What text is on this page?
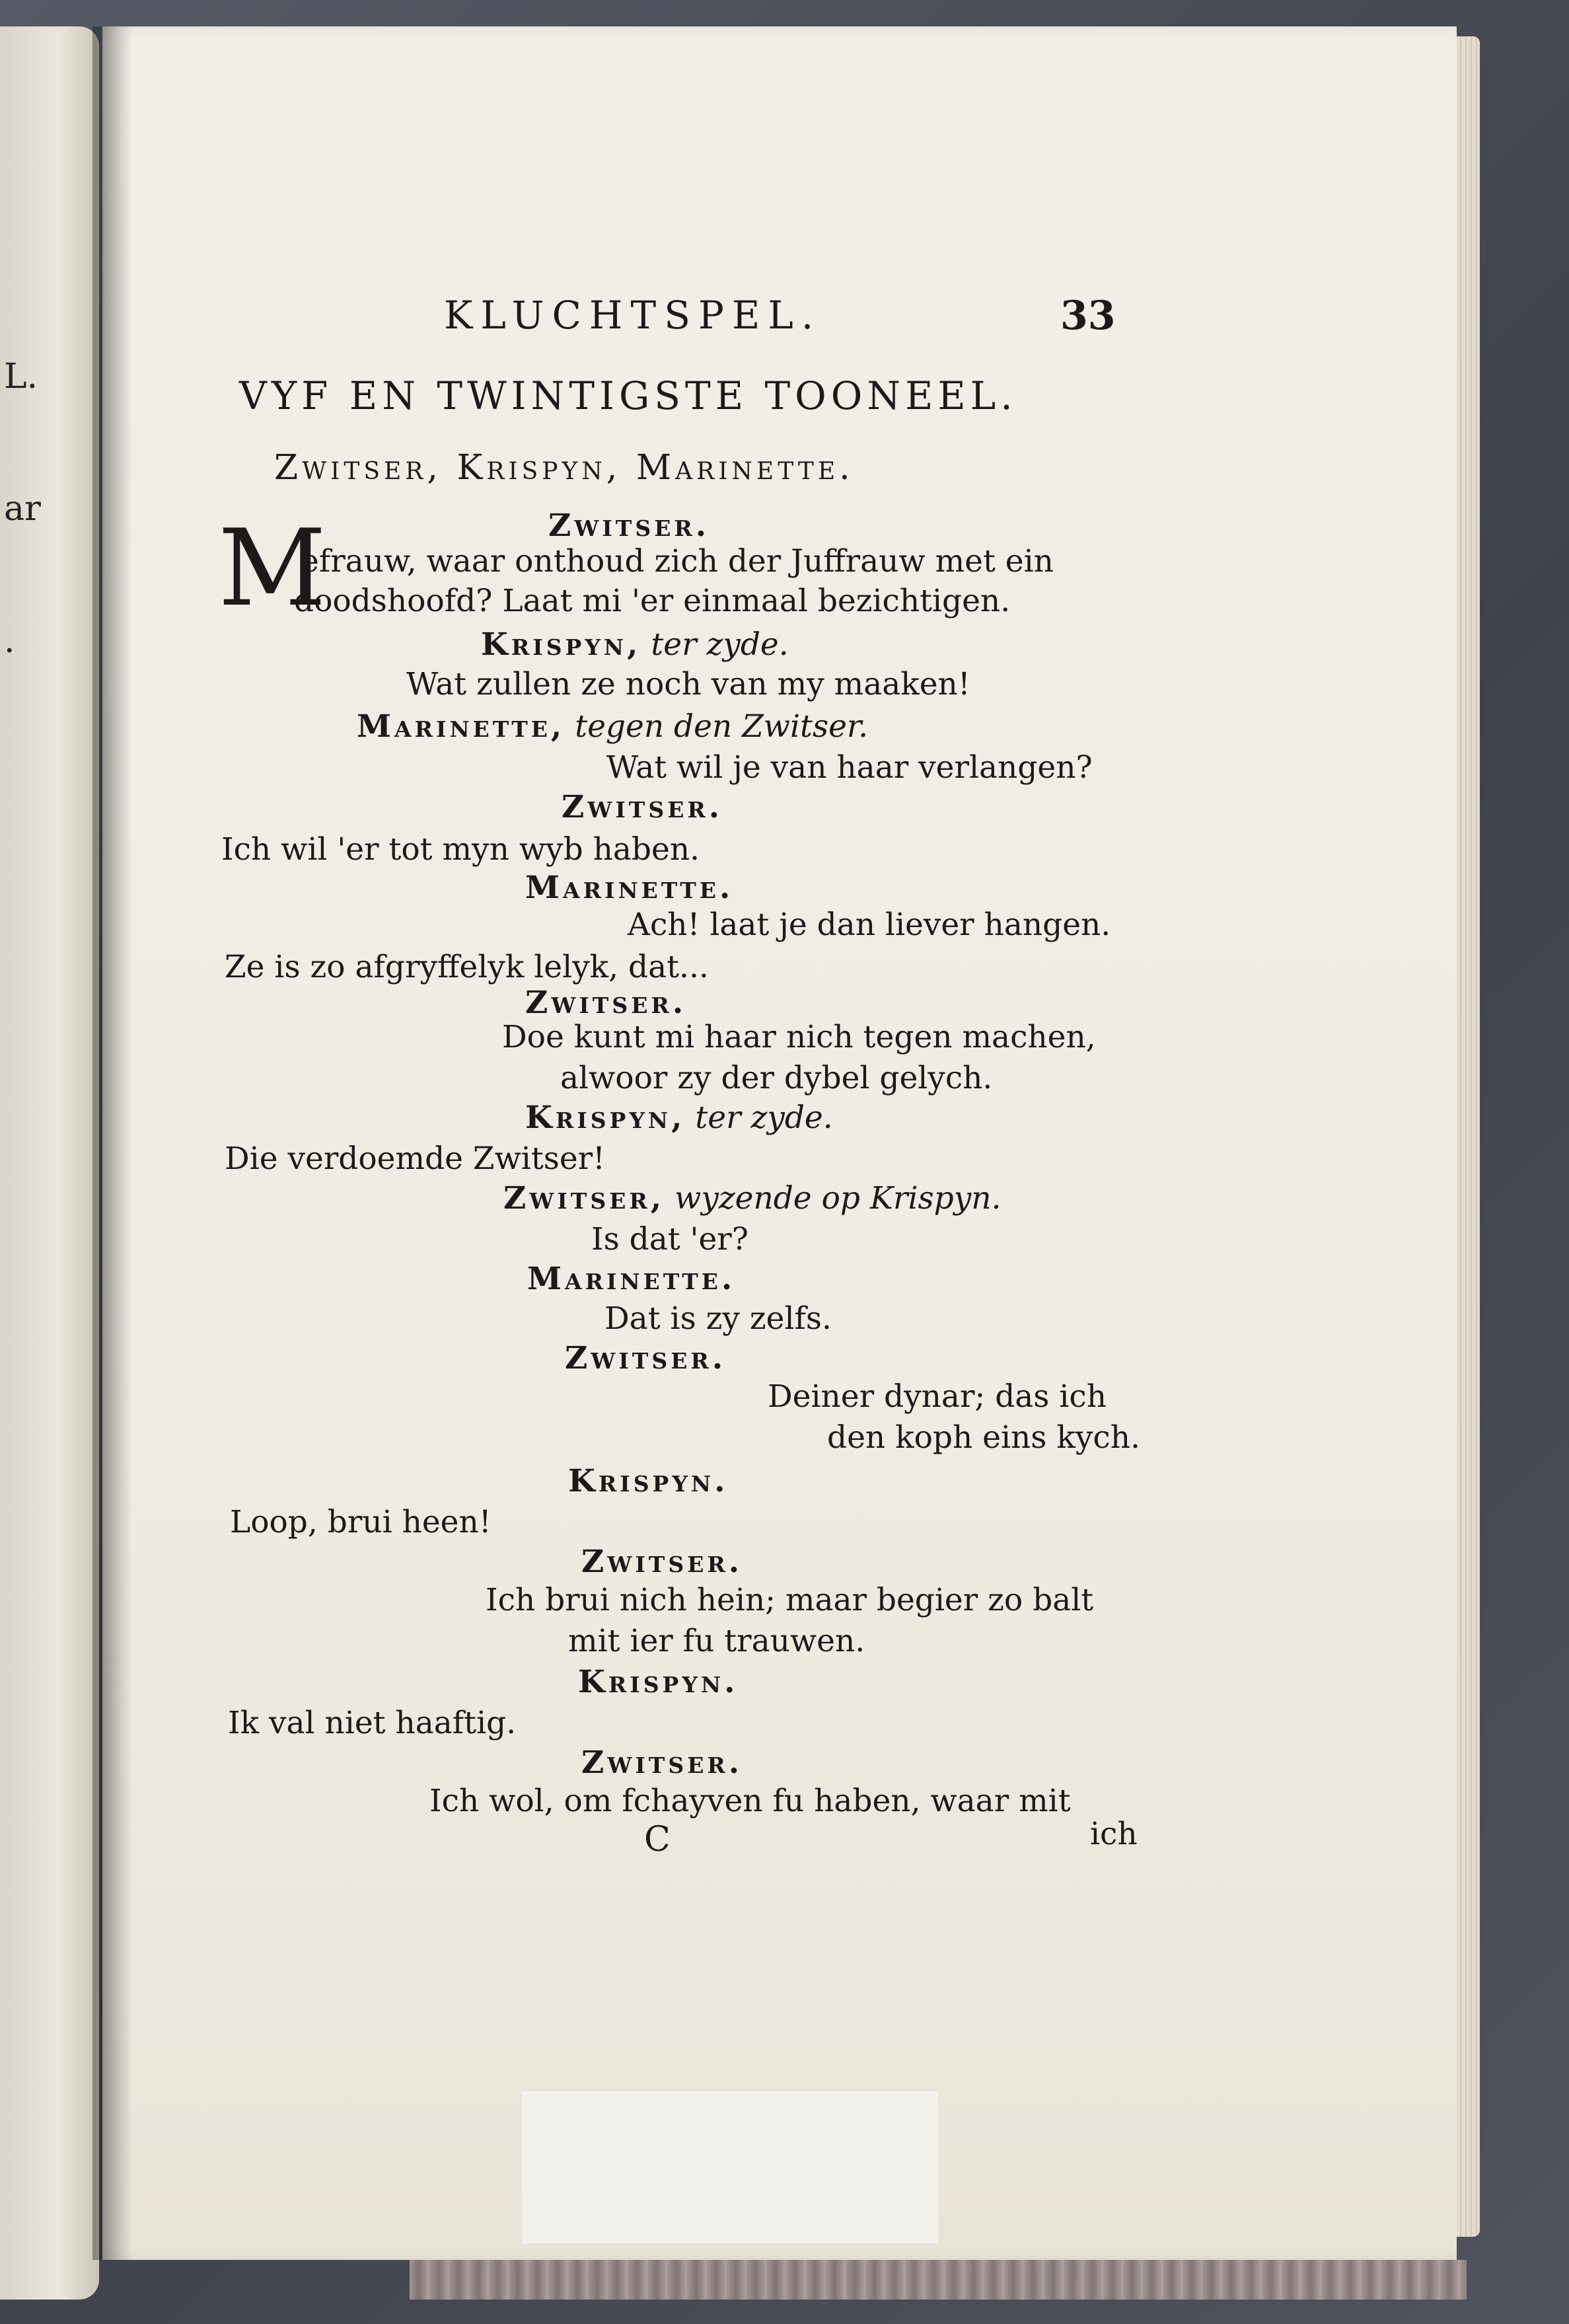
L.
ar
.
KLUCHTSPEL.	33
VYF EN TWINTIGSTE TOONEEL.
Zwitser, Krispyn, Marinette.
Zwitser.
M
efrauw, waar onthoud zich der Juffrauw met ein
doodshoofd? Laat mi 'er einmaal bezichtigen.
Krispyn, ter zyde.
Wat zullen ze noch van my maaken!
Marinette, tegen den Zwitser.
Wat wil je van haar verlangen?
Zwitser.
Ich wil 'er tot myn wyb haben.
Marinette.
Ach! laat je dan liever hangen.
Ze is zo afgryffelyk lelyk, dat...
Zwitser.
Doe kunt mi haar nich tegen machen,
alwoor zy der dybel gelych.
Krispyn, ter zyde.
Die verdoemde Zwitser!
Zwitser, wyzende op Krispyn.
Is dat 'er?
Marinette.
Dat is zy zelfs.
Zwitser.
Deiner dynar; das ich
den koph eins kych.
Krispyn.
Loop, brui heen!
Zwitser.
Ich brui nich hein; maar begier zo balt
mit ier fu trauwen.
Krispyn.
Ik val niet haaftig.
Zwitser.
Ich wol, om fchayven fu haben, waar mit
C	ich
